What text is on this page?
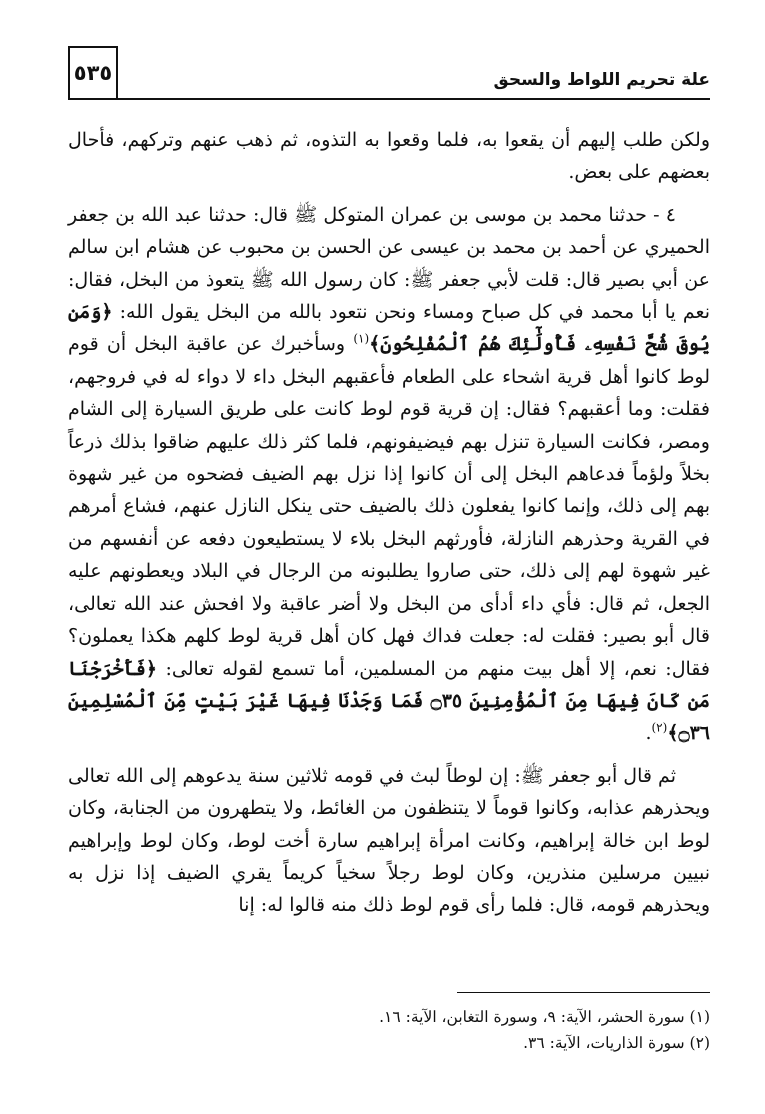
٥٣٥	علة تحريم اللواط والسحق

ولكن طلب إليهم أن يقعوا به، فلما وقعوا به التذوه، ثم ذهب عنهم وتركهم، فأحال بعضهم على بعض.

٤ - حدثنا محمد بن موسى بن عمران المتوكل ﷺ قال: حدثنا عبد الله بن جعفر الحميري عن أحمد بن محمد بن عيسى عن الحسن بن محبوب عن هشام ابن سالم عن أبي بصير قال: قلت لأبي جعفر ﷺ: كان رسول الله ﷺ يتعوذ من البخل، فقال: نعم يا أبا محمد في كل صباح ومساء ونحن نتعود بالله من البخل يقول الله: ﴿وَمَن يُوقَ شُحَّ نَفْسِهِۦ فَأُولَٰٓئِكَ هُمُ ٱلْمُفْلِحُونَ﴾$^{(١)}$ وسأخبرك عن عاقبة البخل أن قوم لوط كانوا أهل قرية اشحاء على الطعام فأعقبهم البخل داء لا دواء له في فروجهم، فقلت: وما أعقبهم؟ فقال: إن قرية قوم لوط كانت على طريق السيارة إلى الشام ومصر، فكانت السيارة تنزل بهم فيضيفونهم، فلما كثر ذلك عليهم ضاقوا بذلك ذرعاً بخلاً ولؤماً فدعاهم البخل إلى أن كانوا إذا نزل بهم الضيف فضحوه من غير شهوة بهم إلى ذلك، وإنما كانوا يفعلون ذلك بالضيف حتى ينكل النازل عنهم، فشاع أمرهم في القرية وحذرهم النازلة، فأورثهم البخل بلاء لا يستطيعون دفعه عن أنفسهم من غير شهوة لهم إلى ذلك، حتى صاروا يطلبونه من الرجال في البلاد ويعطونهم عليه الجعل، ثم قال: فأي داء أدأى من البخل ولا أضر عاقبة ولا افحش عند الله تعالى، قال أبو بصير: فقلت له: جعلت فداك فهل كان أهل قرية لوط كلهم هكذا يعملون؟ فقال: نعم، إلا أهل بيت منهم من المسلمين، أما تسمع لقوله تعالى: ﴿فَأَخْرَجْنَا مَن كَانَ فِيهَا مِنَ ٱلْمُؤْمِنِينَ ۝٣٥ فَمَا وَجَدْنَا فِيهَا غَيْرَ بَيْتٍ مِّنَ ٱلْمُسْلِمِينَ ۝٣٦﴾$^{(٢)}$.

ثم قال أبو جعفر ﷺ: إن لوطاً لبث في قومه ثلاثين سنة يدعوهم إلى الله تعالى ويحذرهم عذابه، وكانوا قوماً لا يتنظفون من الغائط، ولا يتطهرون من الجنابة، وكان لوط ابن خالة إبراهيم، وكانت امرأة إبراهيم سارة أخت لوط، وكان لوط وإبراهيم نبيين مرسلين منذرين، وكان لوط رجلاً سخياً كريماً يقري الضيف إذا نزل به ويحذرهم قومه، قال: فلما رأى قوم لوط ذلك منه قالوا له: إنا

(١) سورة الحشر، الآية: ٩، وسورة التغابن، الآية: ١٦.
(٢) سورة الذاريات، الآية: ٣٦.
